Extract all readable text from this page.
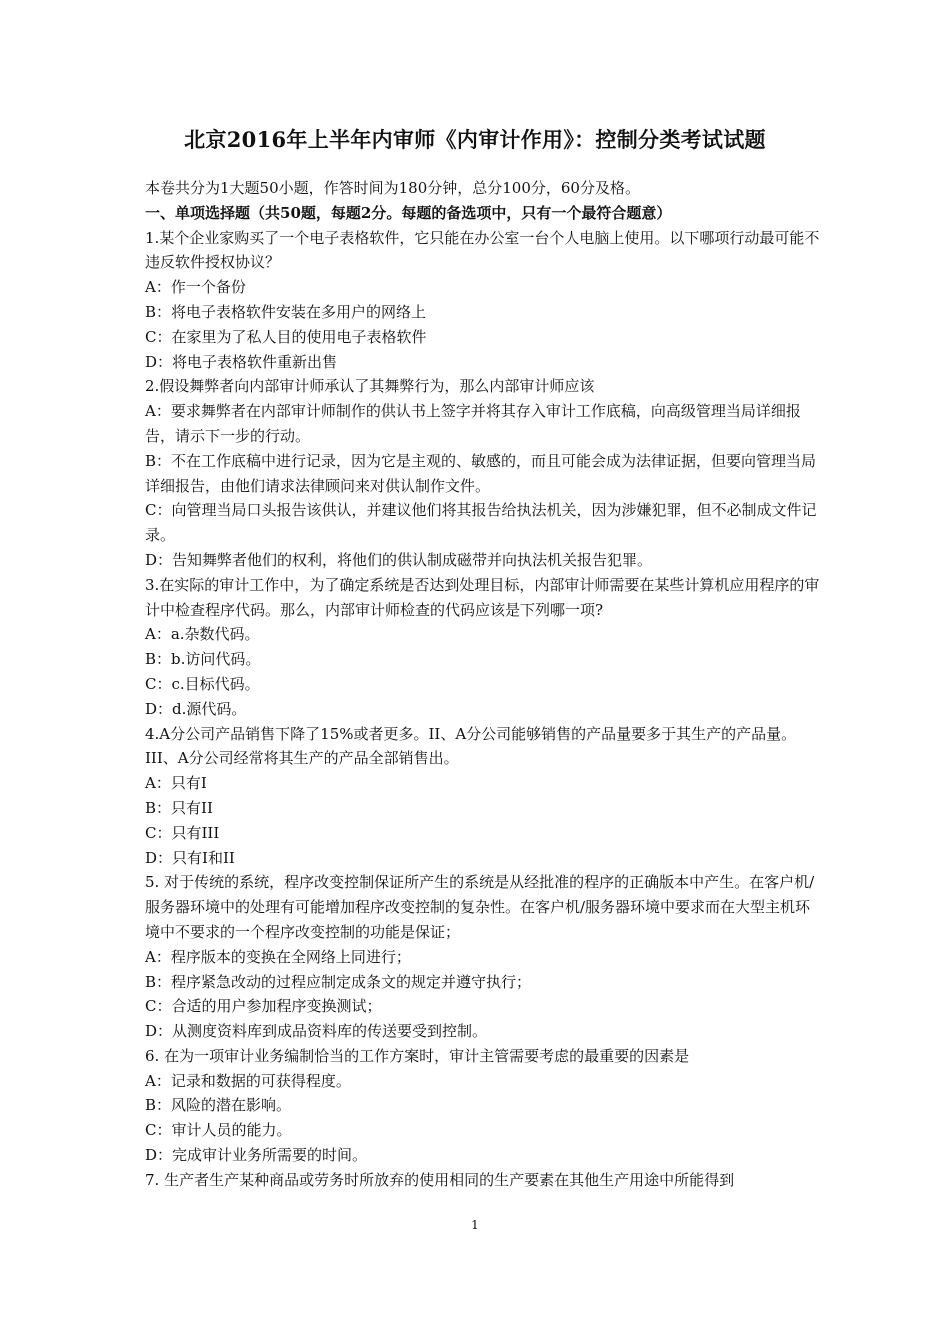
北京2016年上半年内审师《内审计作用》：控制分类考试试题

本卷共分为1大题50小题，作答时间为180分钟，总分100分，60分及格。

一、单项选择题（共50题，每题2分。每题的备选项中，只有一个最符合题意）

1.某个企业家购买了一个电子表格软件，它只能在办公室一台个人电脑上使用。以下哪项行动最可能不违反软件授权协议？

A：作一个备份

B：将电子表格软件安装在多用户的网络上

C：在家里为了私人目的使用电子表格软件

D：将电子表格软件重新出售

2.假设舞弊者向内部审计师承认了其舞弊行为，那么内部审计师应该

A：要求舞弊者在内部审计师制作的供认书上签字并将其存入审计工作底稿，向高级管理当局详细报告，请示下一步的行动。

B：不在工作底稿中进行记录，因为它是主观的、敏感的，而且可能会成为法律证据，但要向管理当局详细报告，由他们请求法律顾问来对供认制作文件。

C：向管理当局口头报告该供认，并建议他们将其报告给执法机关，因为涉嫌犯罪，但不必制成文件记录。

D：告知舞弊者他们的权利，将他们的供认制成磁带并向执法机关报告犯罪。

3.在实际的审计工作中，为了确定系统是否达到处理目标，内部审计师需要在某些计算机应用程序的审计中检查程序代码。那么，内部审计师检查的代码应该是下列哪一项?

A：a.杂数代码。

B：b.访问代码。

C：c.目标代码。

D：d.源代码。

4.A分公司产品销售下降了15%或者更多。II、A分公司能够销售的产品量要多于其生产的产品量。III、A分公司经常将其生产的产品全部销售出。

A：只有I

B：只有II

C：只有III

D：只有I和II

5. 对于传统的系统，程序改变控制保证所产生的系统是从经批准的程序的正确版本中产生。在客户机/服务器环境中的处理有可能增加程序改变控制的复杂性。在客户机/服务器环境中要求而在大型主机环境中不要求的一个程序改变控制的功能是保证；

A：程序版本的变换在全网络上同进行；

B：程序紧急改动的过程应制定成条文的规定并遵守执行；

C：合适的用户参加程序变换测试；

D：从测度资料库到成品资料库的传送要受到控制。

6. 在为一项审计业务编制恰当的工作方案时，审计主管需要考虑的最重要的因素是

A：记录和数据的可获得程度。

B：风险的潜在影响。

C：审计人员的能力。

D：完成审计业务所需要的时间。

7. 生产者生产某种商品或劳务时所放弃的使用相同的生产要素在其他生产用途中所能得到

1
